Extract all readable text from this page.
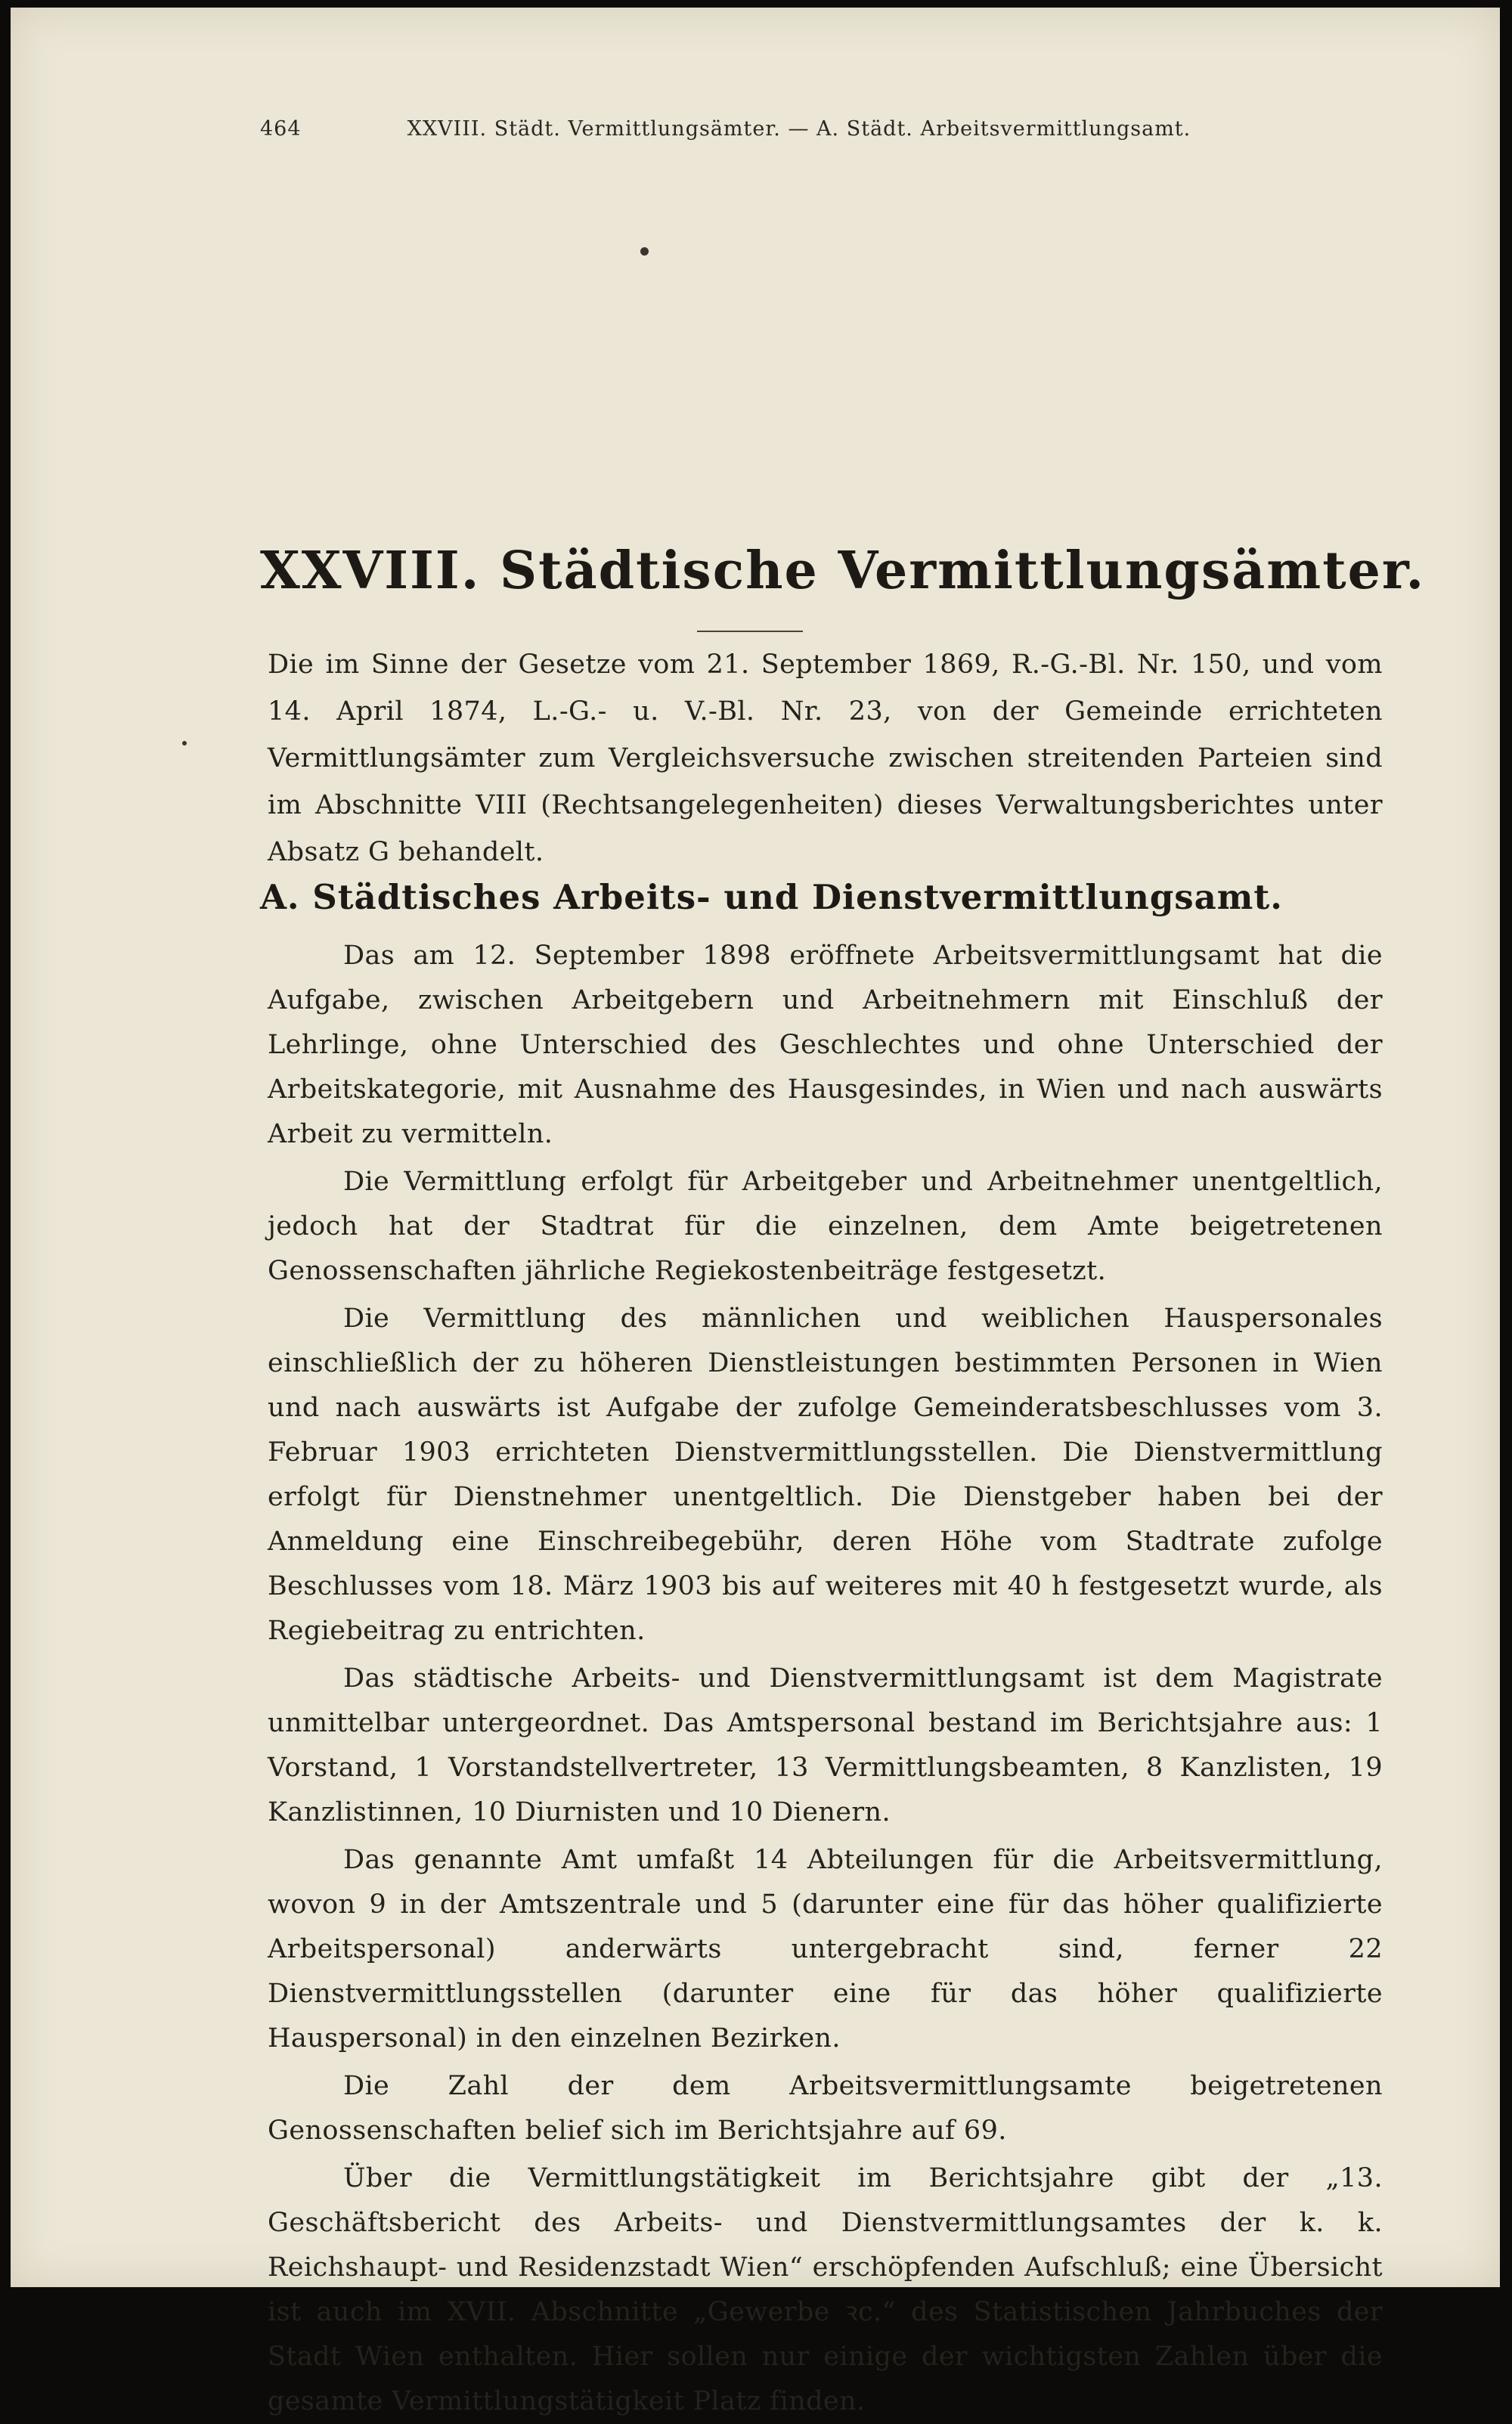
464	XXVIII. Städt. Vermittlungsämter. — A. Städt. Arbeitsvermittlungsamt.
XXVIII. Städtische Vermittlungsämter.
Die im Sinne der Gesetze vom 21. September 1869, R.-G.-Bl. Nr. 150, und vom 14. April 1874, L.-G.- u. V.-Bl. Nr. 23, von der Gemeinde errichteten Vermittlungsämter zum Vergleichsversuche zwischen streitenden Parteien sind im Abschnitte VIII (Rechtsangelegenheiten) dieses Verwaltungsberichtes unter Absatz G behandelt.
A. Städtisches Arbeits- und Dienstvermittlungsamt.

Das am 12. September 1898 eröffnete Arbeitsvermittlungsamt hat die Aufgabe, zwischen Arbeitgebern und Arbeitnehmern mit Einschluß der Lehrlinge, ohne Unterschied des Geschlechtes und ohne Unterschied der Arbeitskategorie, mit Ausnahme des Hausgesindes, in Wien und nach auswärts Arbeit zu vermitteln.

Die Vermittlung erfolgt für Arbeitgeber und Arbeitnehmer unentgeltlich, jedoch hat der Stadtrat für die einzelnen, dem Amte beigetretenen Genossenschaften jährliche Regiekostenbeiträge festgesetzt.

Die Vermittlung des männlichen und weiblichen Hauspersonales einschließlich der zu höheren Dienstleistungen bestimmten Personen in Wien und nach auswärts ist Aufgabe der zufolge Gemeinderatsbeschlusses vom 3. Februar 1903 errichteten Dienstvermittlungsstellen. Die Dienstvermittlung erfolgt für Dienstnehmer unentgeltlich. Die Dienstgeber haben bei der Anmeldung eine Einschreibegebühr, deren Höhe vom Stadtrate zufolge Beschlusses vom 18. März 1903 bis auf weiteres mit 40 h festgesetzt wurde, als Regiebeitrag zu entrichten.

Das städtische Arbeits- und Dienstvermittlungsamt ist dem Magistrate unmittelbar untergeordnet. Das Amtspersonal bestand im Berichtsjahre aus: 1 Vorstand, 1 Vorstandstellvertreter, 13 Vermittlungsbeamten, 8 Kanzlisten, 19 Kanzlistinnen, 10 Diurnisten und 10 Dienern.

Das genannte Amt umfaßt 14 Abteilungen für die Arbeitsvermittlung, wovon 9 in der Amtszentrale und 5 (darunter eine für das höher qualifizierte Arbeitspersonal) anderwärts untergebracht sind, ferner 22 Dienstvermittlungsstellen (darunter eine für das höher qualifizierte Hauspersonal) in den einzelnen Bezirken.

Die Zahl der dem Arbeitsvermittlungsamte beigetretenen Genossenschaften belief sich im Berichtsjahre auf 69.

Über die Vermittlungstätigkeit im Berichtsjahre gibt der „13. Geschäftsbericht des Arbeits- und Dienstvermittlungsamtes der k. k. Reichshaupt- und Residenzstadt Wien“ erschöpfenden Aufschluß; eine Übersicht ist auch im XVII. Abschnitte „Gewerbe ꝛc.“ des Statistischen Jahrbuches der Stadt Wien enthalten. Hier sollen nur einige der wichtigsten Zahlen über die gesamte Vermittlungstätigkeit Platz finden.
